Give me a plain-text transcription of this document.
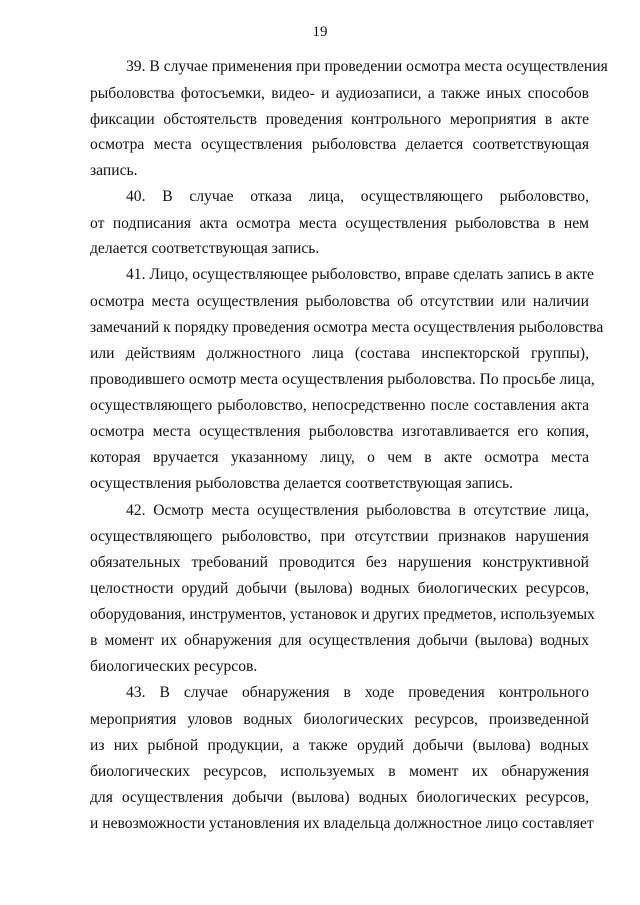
19
39. В случае применения при проведении осмотра места осуществления
рыболовства фотосъемки, видео- и аудиозаписи, а также иных способов
фиксации обстоятельств проведения контрольного мероприятия в акте
осмотра места осуществления рыболовства делается соответствующая
запись.
40. В случае отказа лица, осуществляющего рыболовство,
от подписания акта осмотра места осуществления рыболовства в нем
делается соответствующая запись.
41. Лицо, осуществляющее рыболовство, вправе сделать запись в акте
осмотра места осуществления рыболовства об отсутствии или наличии
замечаний к порядку проведения осмотра места осуществления рыболовства
или действиям должностного лица (состава инспекторской группы),
проводившего осмотр места осуществления рыболовства. По просьбе лица,
осуществляющего рыболовство, непосредственно после составления акта
осмотра места осуществления рыболовства изготавливается его копия,
которая вручается указанному лицу, о чем в акте осмотра места
осуществления рыболовства делается соответствующая запись.
42. Осмотр места осуществления рыболовства в отсутствие лица,
осуществляющего рыболовство, при отсутствии признаков нарушения
обязательных требований проводится без нарушения конструктивной
целостности орудий добычи (вылова) водных биологических ресурсов,
оборудования, инструментов, установок и других предметов, используемых
в момент их обнаружения для осуществления добычи (вылова) водных
биологических ресурсов.
43. В случае обнаружения в ходе проведения контрольного
мероприятия уловов водных биологических ресурсов, произведенной
из них рыбной продукции, а также орудий добычи (вылова) водных
биологических ресурсов, используемых в момент их обнаружения
для осуществления добычи (вылова) водных биологических ресурсов,
и невозможности установления их владельца должностное лицо составляет
